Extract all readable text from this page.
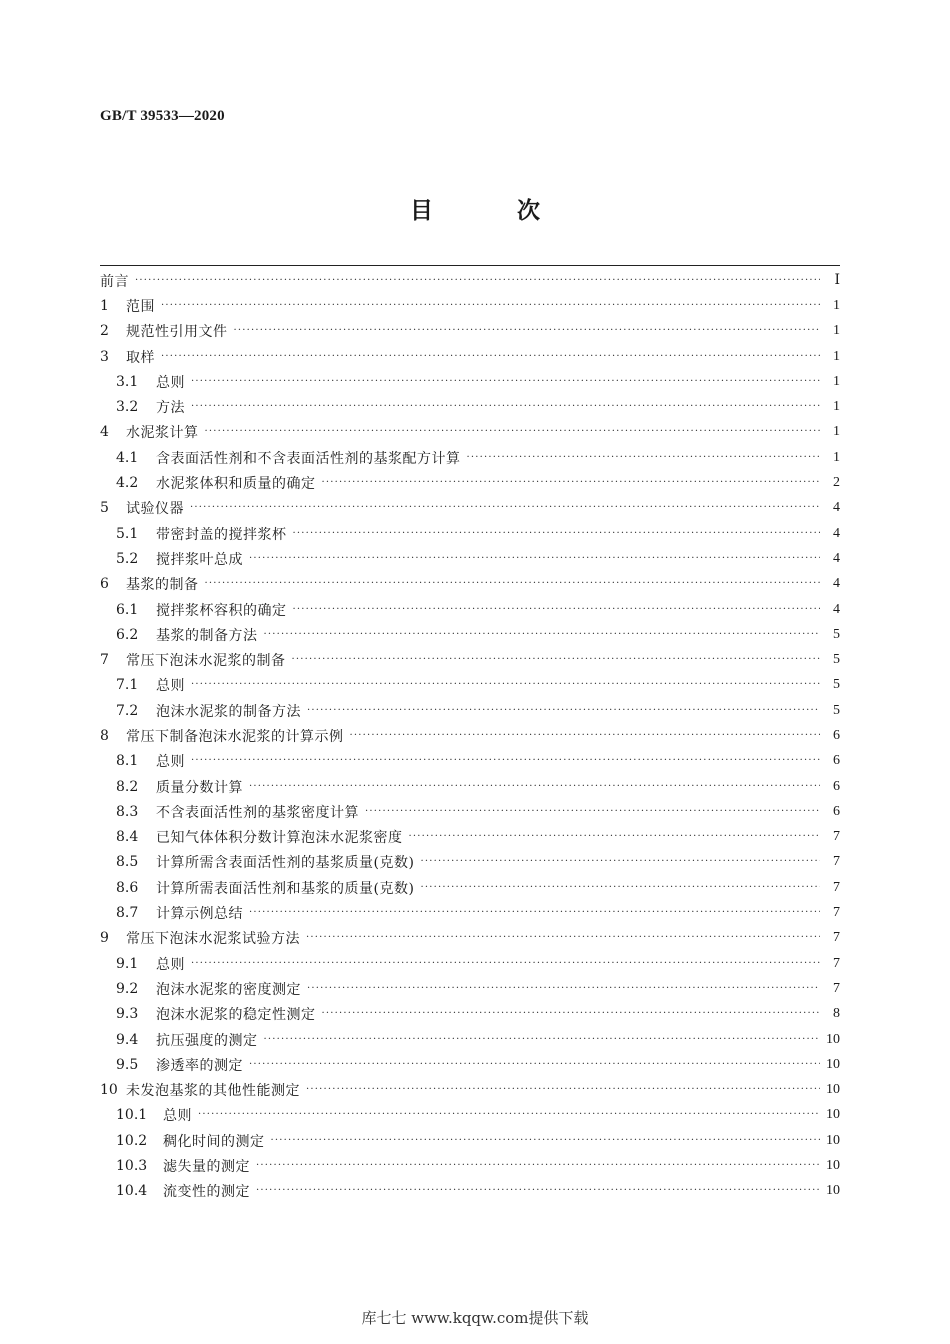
GB/T 39533—2020
目 次
前言 ·····	Ⅰ
1	范围 ·····	1
2	规范性引用文件 ·····	1
3	取样 ·····	1
3.1	总则 ·····	1
3.2	方法 ·····	1
4	水泥浆计算 ·····	1
4.1	含表面活性剂和不含表面活性剂的基浆配方计算 ·····	1
4.2	水泥浆体积和质量的确定 ·····	2
5	试验仪器 ·····	4
5.1	带密封盖的搅拌浆杯 ·····	4
5.2	搅拌浆叶总成 ·····	4
6	基浆的制备 ·····	4
6.1	搅拌浆杯容积的确定 ·····	4
6.2	基浆的制备方法 ·····	5
7	常压下泡沫水泥浆的制备 ·····	5
7.1	总则 ·····	5
7.2	泡沫水泥浆的制备方法 ·····	5
8	常压下制备泡沫水泥浆的计算示例 ·····	6
8.1	总则 ·····	6
8.2	质量分数计算 ·····	6
8.3	不含表面活性剂的基浆密度计算 ·····	6
8.4	已知气体体积分数计算泡沫水泥浆密度 ·····	7
8.5	计算所需含表面活性剂的基浆质量(克数) ·····	7
8.6	计算所需表面活性剂和基浆的质量(克数) ·····	7
8.7	计算示例总结 ·····	7
9	常压下泡沫水泥浆试验方法 ·····	7
9.1	总则 ·····	7
9.2	泡沫水泥浆的密度测定 ·····	7
9.3	泡沫水泥浆的稳定性测定 ·····	8
9.4	抗压强度的测定 ·····	10
9.5	渗透率的测定 ·····	10
10 未发泡基浆的其他性能测定 ·····	10
10.1	总则 ·····	10
10.2	稠化时间的测定 ·····	10
10.3	滤失量的测定 ·····	10
10.4	流变性的测定 ·····	10
库七七 www.kqqw.com提供下载
